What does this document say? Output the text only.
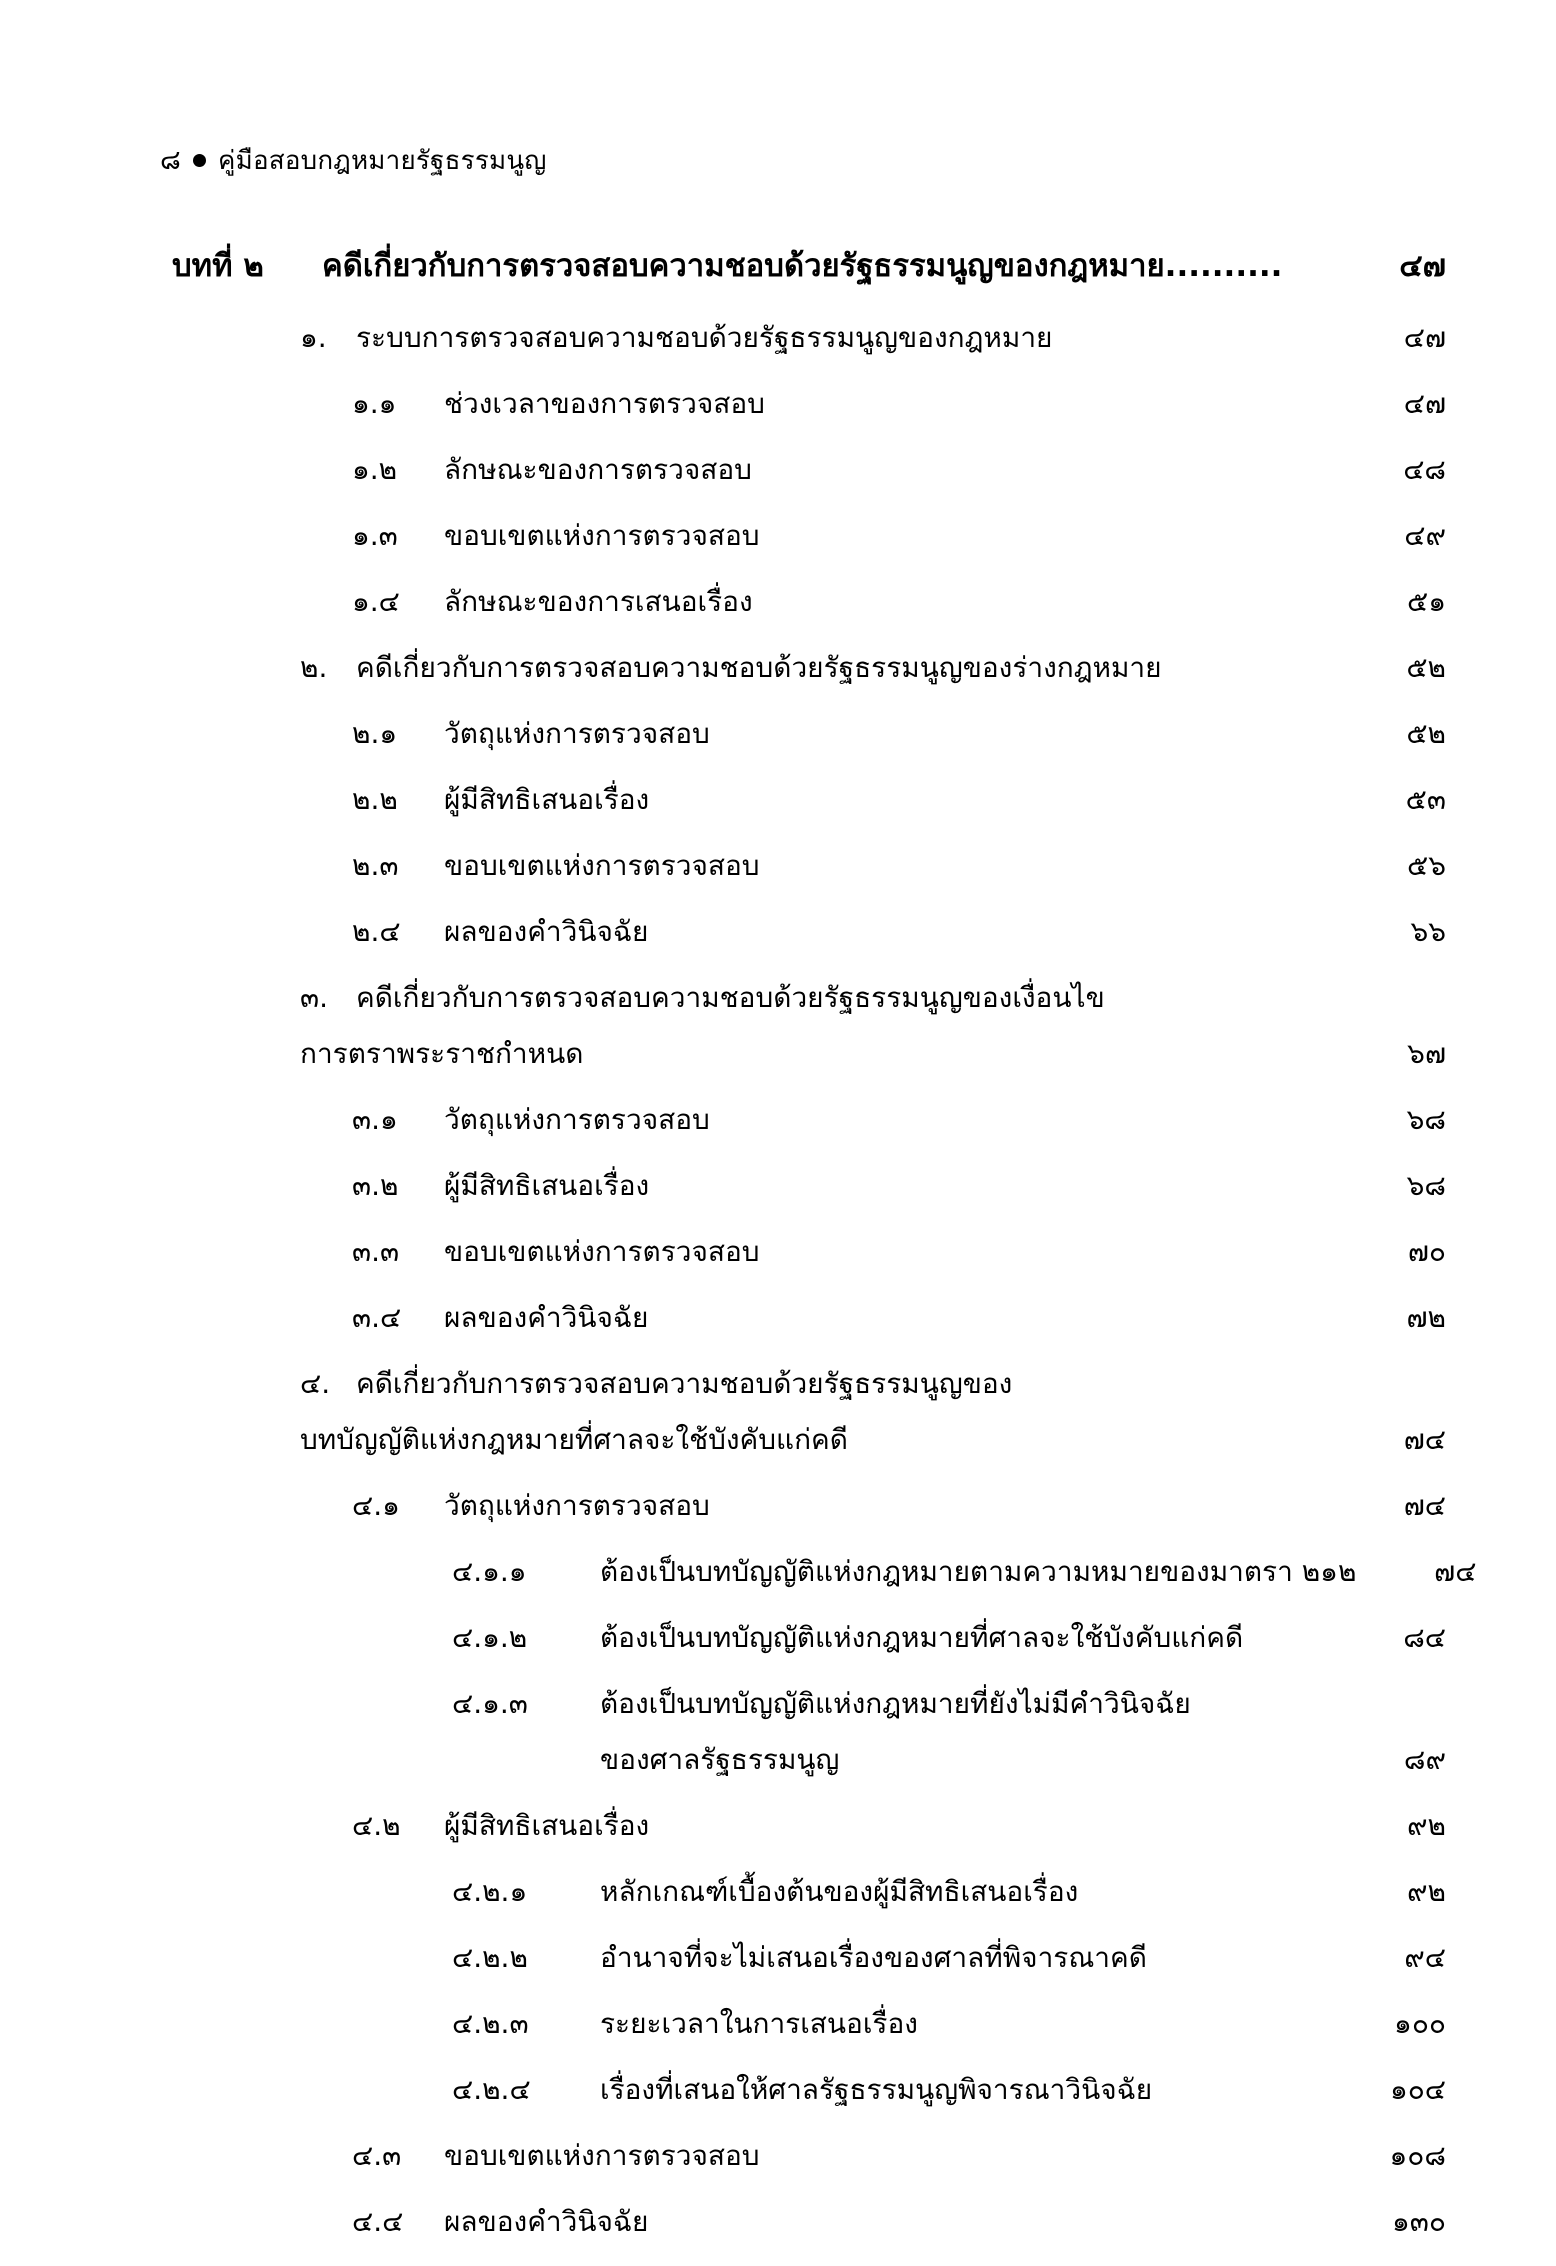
๘ คู่มือสอบกฎหมายรัฐธรรมนูญ
บทที่ ๒	คดีเกี่ยวกับการตรวจสอบความชอบด้วยรัฐธรรมนูญของกฎหมาย..........	๔๗
๑.	ระบบการตรวจสอบความชอบด้วยรัฐธรรมนูญของกฎหมาย	๔๗
๑.๑	ช่วงเวลาของการตรวจสอบ	๔๗
๑.๒	ลักษณะของการตรวจสอบ	๔๘
๑.๓	ขอบเขตแห่งการตรวจสอบ	๔๙
๑.๔	ลักษณะของการเสนอเรื่อง	๕๑
๒.	คดีเกี่ยวกับการตรวจสอบความชอบด้วยรัฐธรรมนูญของร่างกฎหมาย	๕๒
๒.๑	วัตถุแห่งการตรวจสอบ	๕๒
๒.๒	ผู้มีสิทธิเสนอเรื่อง	๕๓
๒.๓	ขอบเขตแห่งการตรวจสอบ	๕๖
๒.๔	ผลของคำวินิจฉัย	๖๖
๓. คดีเกี่ยวกับการตรวจสอบความชอบด้วยรัฐธรรมนูญของเงื่อนไข
การตราพระราชกำหนด	๖๗
๓.๑	วัตถุแห่งการตรวจสอบ	๖๘
๓.๒	ผู้มีสิทธิเสนอเรื่อง	๖๘
๓.๓	ขอบเขตแห่งการตรวจสอบ	๗๐
๓.๔	ผลของคำวินิจฉัย	๗๒
๔. คดีเกี่ยวกับการตรวจสอบความชอบด้วยรัฐธรรมนูญของ
บทบัญญัติแห่งกฎหมายที่ศาลจะใช้บังคับแก่คดี	๗๔
๔.๑	วัตถุแห่งการตรวจสอบ	๗๔
๔.๑.๑	ต้องเป็นบทบัญญัติแห่งกฎหมายตามความหมายของมาตรา ๒๑๒	๗๔
๔.๑.๒	ต้องเป็นบทบัญญัติแห่งกฎหมายที่ศาลจะใช้บังคับแก่คดี	๘๔
๔.๑.๓	ต้องเป็นบทบัญญัติแห่งกฎหมายที่ยังไม่มีคำวินิจฉัย
ของศาลรัฐธรรมนูญ	๘๙
๔.๒	ผู้มีสิทธิเสนอเรื่อง	๙๒
๔.๒.๑	หลักเกณฑ์เบื้องต้นของผู้มีสิทธิเสนอเรื่อง	๙๒
๔.๒.๒	อำนาจที่จะไม่เสนอเรื่องของศาลที่พิจารณาคดี	๙๔
๔.๒.๓	ระยะเวลาในการเสนอเรื่อง	๑๐๐
๔.๒.๔	เรื่องที่เสนอให้ศาลรัฐธรรมนูญพิจารณาวินิจฉัย	๑๐๔
๔.๓	ขอบเขตแห่งการตรวจสอบ	๑๐๘
๔.๔	ผลของคำวินิจฉัย	๑๓๐
